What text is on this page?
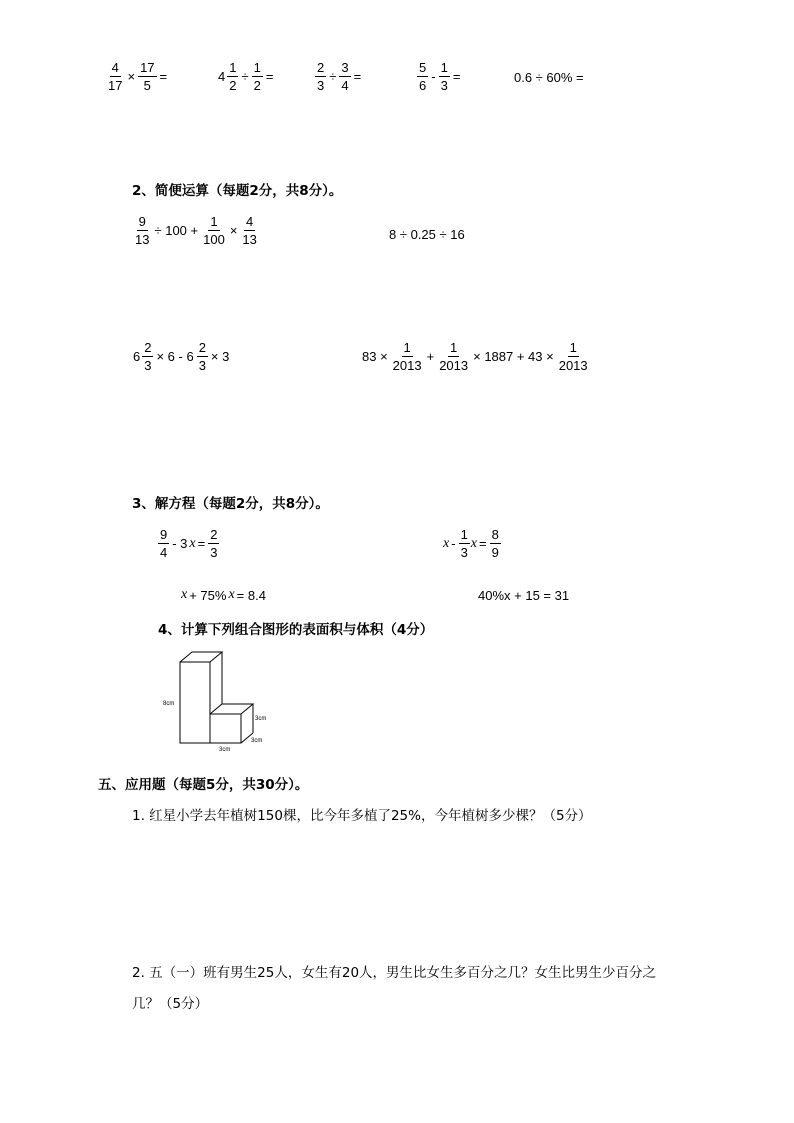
$\frac{4}{17} \times \frac{17}{5}$ =	$4 \frac{1}{2} \div \frac{1}{2}$ =	$\frac{2}{3} \div \frac{3}{4}$ =	$\frac{5}{6} - \frac{1}{3}$ =	0.6 ÷ 60% =
2、简便运算（每题2分，共8分）。
$\frac{9}{13} \div 100 + \frac{1}{100} \times \frac{4}{13}$	8 ÷ 0.25 ÷ 16
$6 \frac{2}{3} \times 6 - 6 \frac{2}{3} \times 3$	$83 \times \frac{1}{2013} + \frac{1}{2013} \times 1887 + 43 \times \frac{1}{2013}$
3、解方程（每题2分，共8分）。
$\frac{9}{4} - 3$ $x = \frac{2}{3}$	x - $\frac{1}{3}$ $x = \frac{8}{9}$
x + 75% x = 8.4	40%x + 15 = 31
4、计算下列组合图形的表面积与体积（4分）
8cm
3cm
3cm
3cm
五、应用题（每题5分，共30分）。
1. 红星小学去年植树150棵，比今年多植了25%，今年植树多少棵？（5分）
2. 五（一）班有男生25人，女生有20人，男生比女生多百分之几？女生比男生少百分之
几？（5分）
